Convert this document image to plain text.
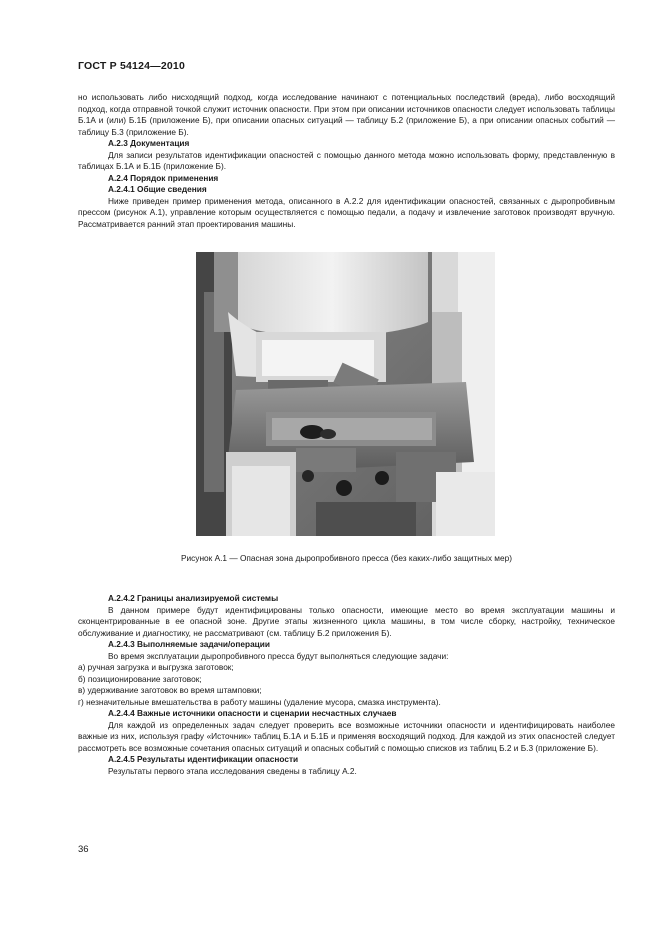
ГОСТ Р 54124—2010

но использовать либо нисходящий подход, когда исследование начинают с потенциальных последствий (вреда), либо восходящий подход, когда отправной точкой служит источник опасности. При этом при описании источников опасности следует использовать таблицы Б.1А и (или) Б.1Б (приложение Б), при описании опасных ситуаций — таблицу Б.2 (приложение Б), а при описании опасных событий — таблицу Б.3 (приложение Б).

А.2.3 Документация

Для записи результатов идентификации опасностей с помощью данного метода можно использовать форму, представленную в таблицах Б.1А и Б.1Б (приложение Б).

А.2.4 Порядок применения
А.2.4.1 Общие сведения

Ниже приведен пример применения метода, описанного в А.2.2 для идентификации опасностей, связанных с дыропробивным прессом (рисунок А.1), управление которым осуществляется с помощью педали, а подачу и извлечение заготовок производят вручную. Рассматривается ранний этап проектирования машины.

Рисунок А.1 — Опасная зона дыропробивного пресса (без каких-либо защитных мер)
А.2.4.2 Границы анализируемой системы

В данном примере будут идентифицированы только опасности, имеющие место во время эксплуатации машины и сконцентрированные в ее опасной зоне. Другие этапы жизненного цикла машины, в том числе сборку, настройку, техническое обслуживание и диагностику, не рассматривают (см. таблицу Б.2 приложения Б).

А.2.4.3 Выполняемые задачи/операции

Во время эксплуатации дыропробивного пресса будут выполняться следующие задачи:

а) ручная загрузка и выгрузка заготовок;

б) позиционирование заготовок;

в) удерживание заготовок во время штамповки;

г) незначительные вмешательства в работу машины (удаление мусора, смазка инструмента).

А.2.4.4 Важные источники опасности и сценарии несчастных случаев

Для каждой из определенных задач следует проверить все возможные источники опасности и идентифицировать наиболее важные из них, используя графу «Источник» таблиц Б.1А и Б.1Б и применяя восходящий подход. Для каждой из этих опасностей следует рассмотреть все возможные сочетания опасных ситуаций и опасных событий с помощью списков из таблиц Б.2 и Б.3 (приложение Б).

А.2.4.5 Результаты идентификации опасности

Результаты первого этапа исследования сведены в таблицу А.2.

36
